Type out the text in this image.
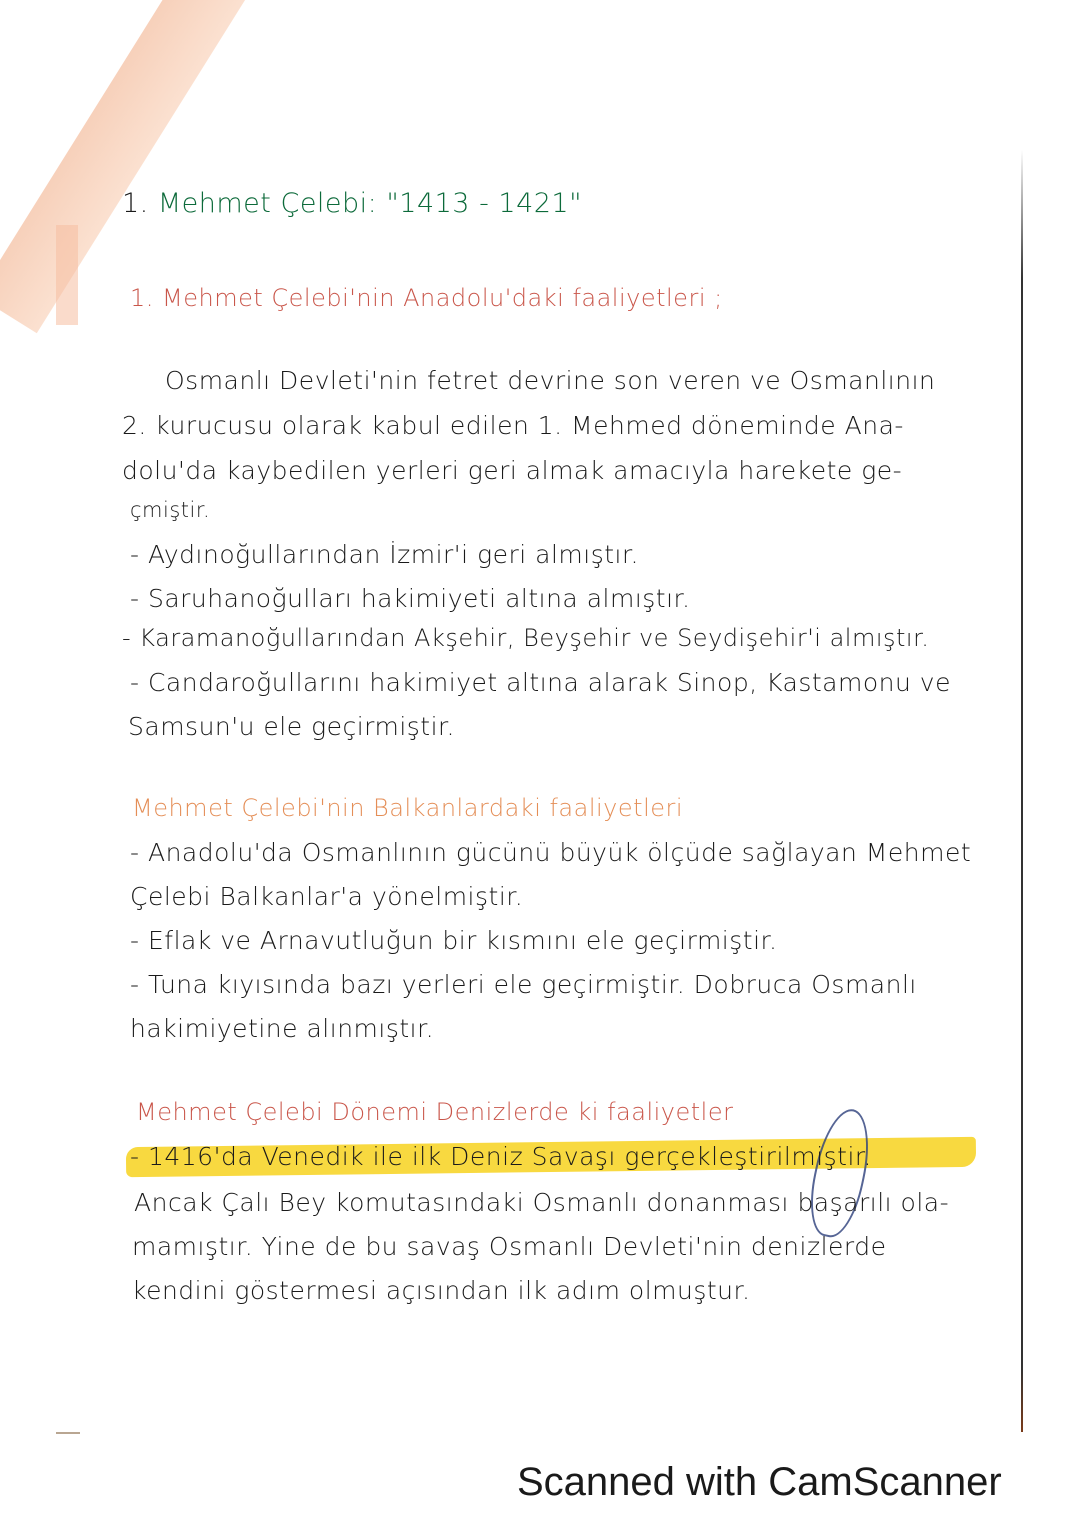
1. Mehmet Çelebi: "1413 - 1421"
1. Mehmet Çelebi'nin Anadolu'daki faaliyetleri ;
Osmanlı Devleti'nin fetret devrine son veren ve Osmanlının
2. kurucusu olarak kabul edilen 1. Mehmed döneminde Ana-
dolu'da kaybedilen yerleri geri almak amacıyla harekete ge-
çmiştir.
- Aydınoğullarından İzmir'i geri almıştır.
- Saruhanoğulları hakimiyeti altına almıştır.
- Karamanoğullarından Akşehir, Beyşehir ve Seydişehir'i almıştır.
- Candaroğullarını hakimiyet altına alarak Sinop, Kastamonu ve
Samsun'u ele geçirmiştir.
Mehmet Çelebi'nin Balkanlardaki faaliyetleri
- Anadolu'da Osmanlının gücünü büyük ölçüde sağlayan Mehmet
Çelebi Balkanlar'a yönelmiştir.
- Eflak ve Arnavutluğun bir kısmını ele geçirmiştir.
- Tuna kıyısında bazı yerleri ele geçirmiştir. Dobruca Osmanlı
hakimiyetine alınmıştır.
Mehmet Çelebi Dönemi Denizlerde ki faaliyetler
- 1416'da Venedik ile ilk Deniz Savaşı gerçekleştirilmiştir.
Ancak Çalı Bey komutasındaki Osmanlı donanması başarılı ola-
mamıştır. Yine de bu savaş Osmanlı Devleti'nin denizlerde
kendini göstermesi açısından ilk adım olmuştur.
Scanned with CamScanner
